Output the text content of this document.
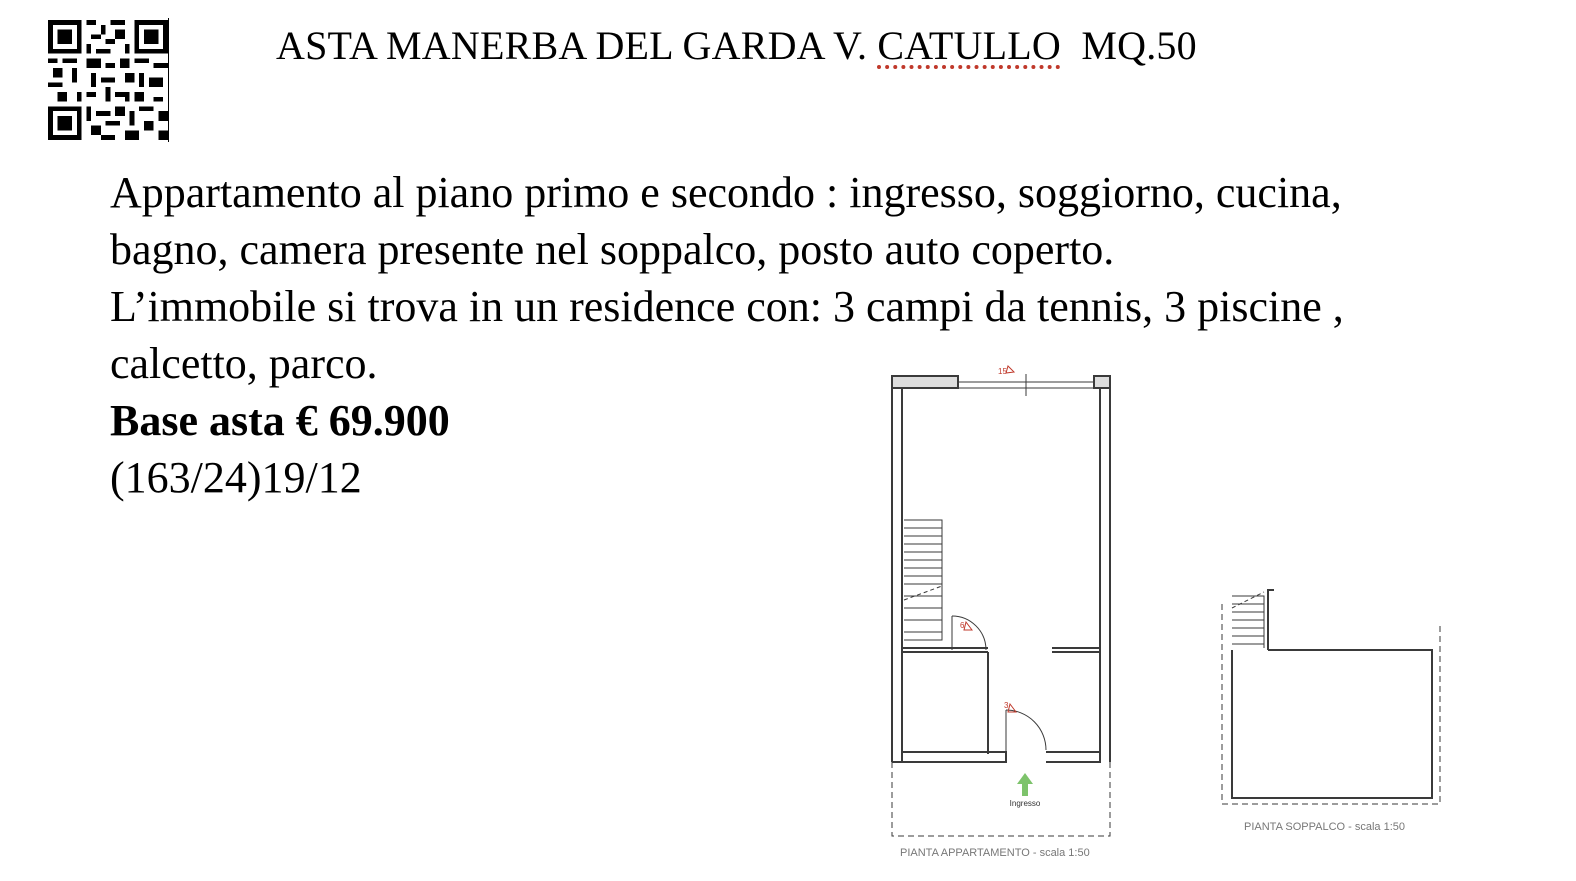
ASTA MANERBA DEL GARDA V. CATULLO  MQ.50

Appartamento al piano primo e secondo : ingresso, soggiorno, cucina,

bagno, camera presente nel soppalco, posto auto coperto.

L’immobile si trova in un residence con: 3 campi da tennis, 3 piscine ,

calcetto, parco.

Base asta € 69.900

(163/24)19/12

15
6
3
Ingresso
PIANTA APPARTAMENTO - scala 1:50
PIANTA SOPPALCO - scala 1:50
